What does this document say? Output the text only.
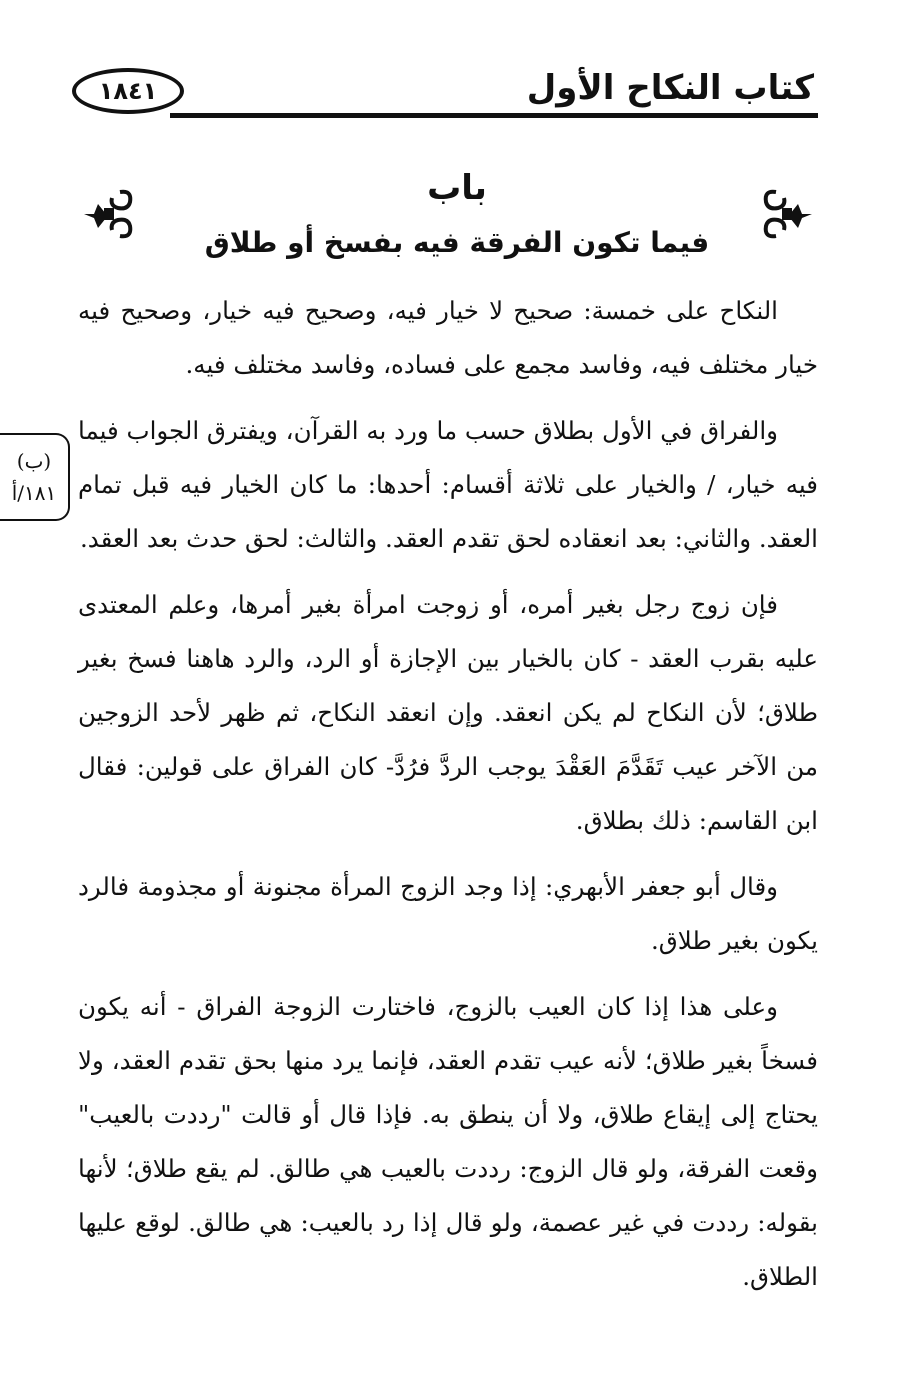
كتاب النكاح الأول
١٨٤١
باب
فيما تكون الفرقة فيه بفسخ أو طلاق
(ب)
١٨١/أ

النكاح على خمسة: صحيح لا خيار فيه، وصحيح فيه خيار، وصحيح فيه خيار مختلف فيه، وفاسد مجمع على فساده، وفاسد مختلف فيه.

والفراق في الأول بطلاق حسب ما ورد به القرآن، ويفترق الجواب فيما فيه خيار، / والخيار على ثلاثة أقسام: أحدها: ما كان الخيار فيه قبل تمام العقد. والثاني: بعد انعقاده لحق تقدم العقد. والثالث: لحق حدث بعد العقد.

فإن زوج رجل بغير أمره، أو زوجت امرأة بغير أمرها، وعلم المعتدى عليه بقرب العقد - كان بالخيار بين الإجازة أو الرد، والرد هاهنا فسخ بغير طلاق؛ لأن النكاح لم يكن انعقد. وإن انعقد النكاح، ثم ظهر لأحد الزوجين من الآخر عيب تَقَدَّمَ العَقْدَ يوجب الردَّ فرُدَّ- كان الفراق على قولين: فقال ابن القاسم: ذلك بطلاق.

وقال أبو جعفر الأبهري: إذا وجد الزوج المرأة مجنونة أو مجذومة فالرد يكون بغير طلاق.

وعلى هذا إذا كان العيب بالزوج، فاختارت الزوجة الفراق - أنه يكون فسخاً بغير طلاق؛ لأنه عيب تقدم العقد، فإنما يرد منها بحق تقدم العقد، ولا يحتاج إلى إيقاع طلاق، ولا أن ينطق به. فإذا قال أو قالت "رددت بالعيب" وقعت الفرقة، ولو قال الزوج: رددت بالعيب هي طالق. لم يقع طلاق؛ لأنها بقوله: رددت في غير عصمة، ولو قال إذا رد بالعيب: هي طالق. لوقع عليها الطلاق.
